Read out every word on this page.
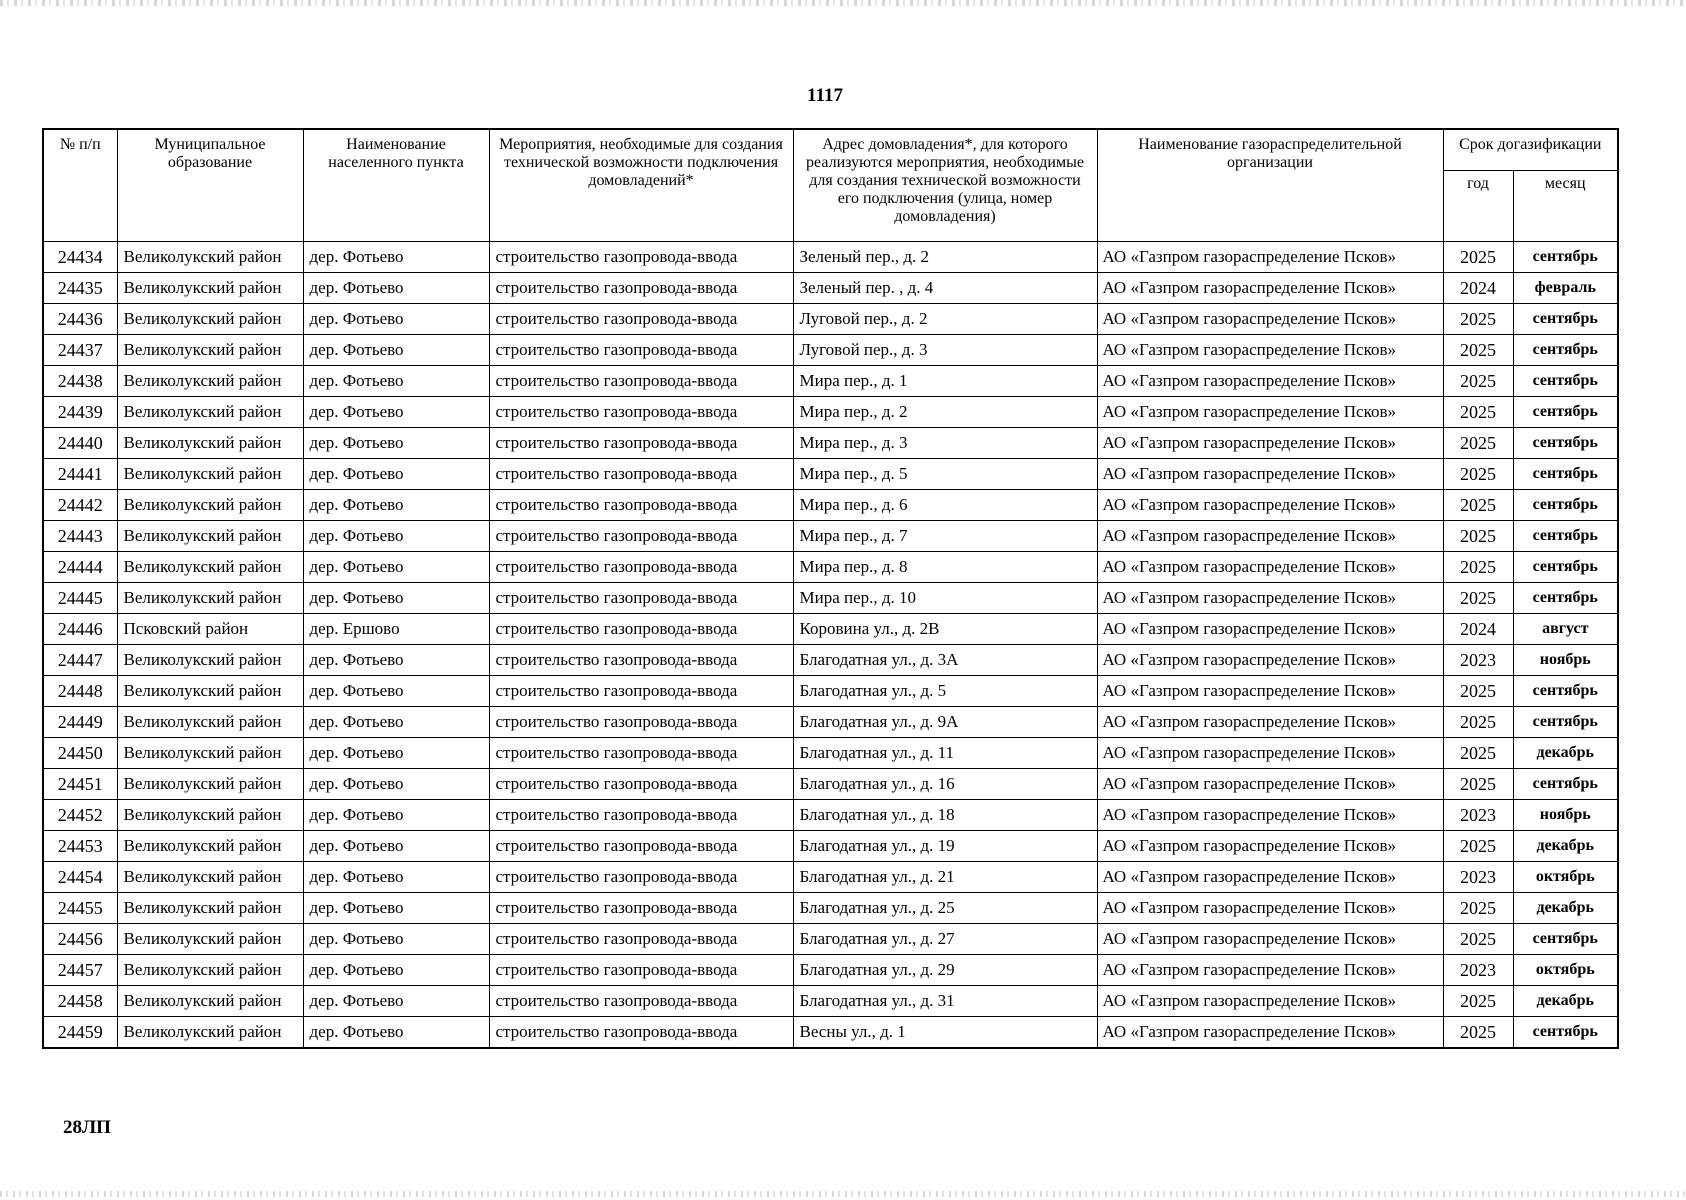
1117
№ п/п	Муниципальное образование	Наименование населенного пункта	Мероприятия, необходимые для создания технической возможности подключения домовладений*	Адрес домовладения*, для которого реализуются мероприятия, необходимые для создания технической возможности его подключения (улица, номер домовладения)	Наименование газораспределительной организации	Срок догазификации	
						год	месяц
24434	Великолукский район	дер. Фотьево	строительство газопровода-ввода	Зеленый пер., д. 2	АО «Газпром газораспределение Псков»	2025	сентябрь
24435	Великолукский район	дер. Фотьево	строительство газопровода-ввода	Зеленый пер. , д. 4	АО «Газпром газораспределение Псков»	2024	февраль
24436	Великолукский район	дер. Фотьево	строительство газопровода-ввода	Луговой пер., д. 2	АО «Газпром газораспределение Псков»	2025	сентябрь
24437	Великолукский район	дер. Фотьево	строительство газопровода-ввода	Луговой пер., д. 3	АО «Газпром газораспределение Псков»	2025	сентябрь
24438	Великолукский район	дер. Фотьево	строительство газопровода-ввода	Мира пер., д. 1	АО «Газпром газораспределение Псков»	2025	сентябрь
24439	Великолукский район	дер. Фотьево	строительство газопровода-ввода	Мира пер., д. 2	АО «Газпром газораспределение Псков»	2025	сентябрь
24440	Великолукский район	дер. Фотьево	строительство газопровода-ввода	Мира пер., д. 3	АО «Газпром газораспределение Псков»	2025	сентябрь
24441	Великолукский район	дер. Фотьево	строительство газопровода-ввода	Мира пер., д. 5	АО «Газпром газораспределение Псков»	2025	сентябрь
24442	Великолукский район	дер. Фотьево	строительство газопровода-ввода	Мира пер., д. 6	АО «Газпром газораспределение Псков»	2025	сентябрь
24443	Великолукский район	дер. Фотьево	строительство газопровода-ввода	Мира пер., д. 7	АО «Газпром газораспределение Псков»	2025	сентябрь
24444	Великолукский район	дер. Фотьево	строительство газопровода-ввода	Мира пер., д. 8	АО «Газпром газораспределение Псков»	2025	сентябрь
24445	Великолукский район	дер. Фотьево	строительство газопровода-ввода	Мира пер., д. 10	АО «Газпром газораспределение Псков»	2025	сентябрь
24446	Псковский район	дер. Ершово	строительство газопровода-ввода	Коровина ул., д. 2В	АО «Газпром газораспределение Псков»	2024	август
24447	Великолукский район	дер. Фотьево	строительство газопровода-ввода	Благодатная ул., д. 3А	АО «Газпром газораспределение Псков»	2023	ноябрь
24448	Великолукский район	дер. Фотьево	строительство газопровода-ввода	Благодатная ул., д. 5	АО «Газпром газораспределение Псков»	2025	сентябрь
24449	Великолукский район	дер. Фотьево	строительство газопровода-ввода	Благодатная ул., д. 9А	АО «Газпром газораспределение Псков»	2025	сентябрь
24450	Великолукский район	дер. Фотьево	строительство газопровода-ввода	Благодатная ул., д. 11	АО «Газпром газораспределение Псков»	2025	декабрь
24451	Великолукский район	дер. Фотьево	строительство газопровода-ввода	Благодатная ул., д. 16	АО «Газпром газораспределение Псков»	2025	сентябрь
24452	Великолукский район	дер. Фотьево	строительство газопровода-ввода	Благодатная ул., д. 18	АО «Газпром газораспределение Псков»	2023	ноябрь
24453	Великолукский район	дер. Фотьево	строительство газопровода-ввода	Благодатная ул., д. 19	АО «Газпром газораспределение Псков»	2025	декабрь
24454	Великолукский район	дер. Фотьево	строительство газопровода-ввода	Благодатная ул., д. 21	АО «Газпром газораспределение Псков»	2023	октябрь
24455	Великолукский район	дер. Фотьево	строительство газопровода-ввода	Благодатная ул., д. 25	АО «Газпром газораспределение Псков»	2025	декабрь
24456	Великолукский район	дер. Фотьево	строительство газопровода-ввода	Благодатная ул., д. 27	АО «Газпром газораспределение Псков»	2025	сентябрь
24457	Великолукский район	дер. Фотьево	строительство газопровода-ввода	Благодатная ул., д. 29	АО «Газпром газораспределение Псков»	2023	октябрь
24458	Великолукский район	дер. Фотьево	строительство газопровода-ввода	Благодатная ул., д. 31	АО «Газпром газораспределение Псков»	2025	декабрь
24459	Великолукский район	дер. Фотьево	строительство газопровода-ввода	Весны ул., д. 1	АО «Газпром газораспределение Псков»	2025	сентябрь
28ЛП
